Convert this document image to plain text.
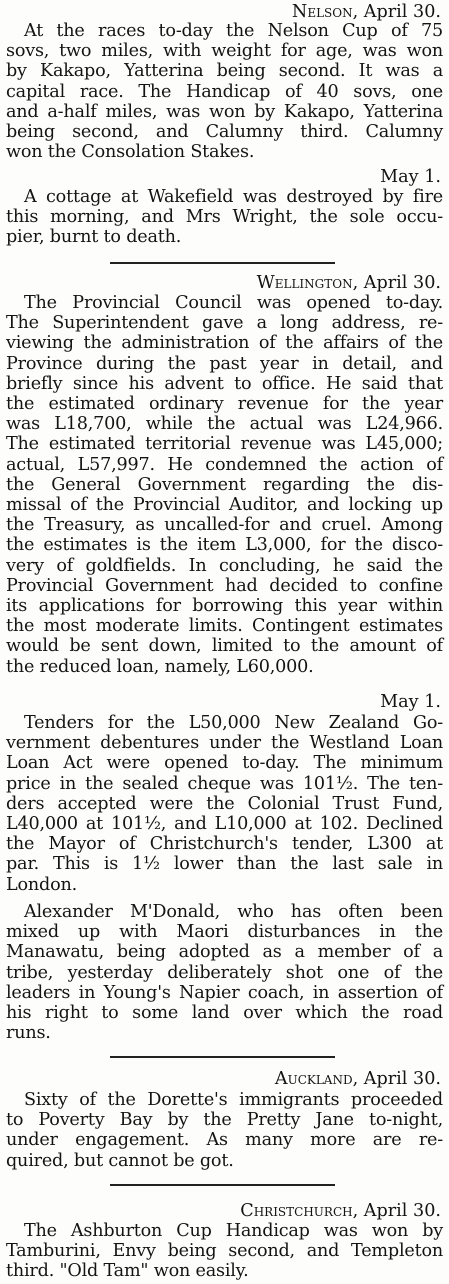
Nelson, April 30.
At the races to-day the Nelson Cup of 75
sovs, two miles, with weight for age, was won
by Kakapo, Yatterina being second. It was a
capital race. The Handicap of 40 sovs, one
and a-half miles, was won by Kakapo, Yatterina
being second, and Calumny third. Calumny
won the Consolation Stakes.
May 1.
A cottage at Wakefield was destroyed by fire
this morning, and Mrs Wright, the sole occu-
pier, burnt to death.
Wellington, April 30.
The Provincial Council was opened to-day.
The Superintendent gave a long address, re-
viewing the administration of the affairs of the
Province during the past year in detail, and
briefly since his advent to office. He said that
the estimated ordinary revenue for the year
was L18,700, while the actual was L24,966.
The estimated territorial revenue was L45,000;
actual, L57,997. He condemned the action of
the General Government regarding the dis-
missal of the Provincial Auditor, and locking up
the Treasury, as uncalled-for and cruel. Among
the estimates is the item L3,000, for the disco-
very of goldfields. In concluding, he said the
Provincial Government had decided to confine
its applications for borrowing this year within
the most moderate limits. Contingent estimates
would be sent down, limited to the amount of
the reduced loan, namely, L60,000.
May 1.
Tenders for the L50,000 New Zealand Go-
vernment debentures under the Westland Loan
Loan Act were opened to-day. The minimum
price in the sealed cheque was 101½. The ten-
ders accepted were the Colonial Trust Fund,
L40,000 at 101½, and L10,000 at 102. Declined
the Mayor of Christchurch's tender, L300 at
par. This is 1½ lower than the last sale in
London.
Alexander M'Donald, who has often been
mixed up with Maori disturbances in the
Manawatu, being adopted as a member of a
tribe, yesterday deliberately shot one of the
leaders in Young's Napier coach, in assertion of
his right to some land over which the road
runs.
Auckland, April 30.
Sixty of the Dorette's immigrants proceeded
to Poverty Bay by the Pretty Jane to-night,
under engagement. As many more are re-
quired, but cannot be got.
Christchurch, April 30.
The Ashburton Cup Handicap was won by
Tamburini, Envy being second, and Templeton
third. "Old Tam" won easily.
